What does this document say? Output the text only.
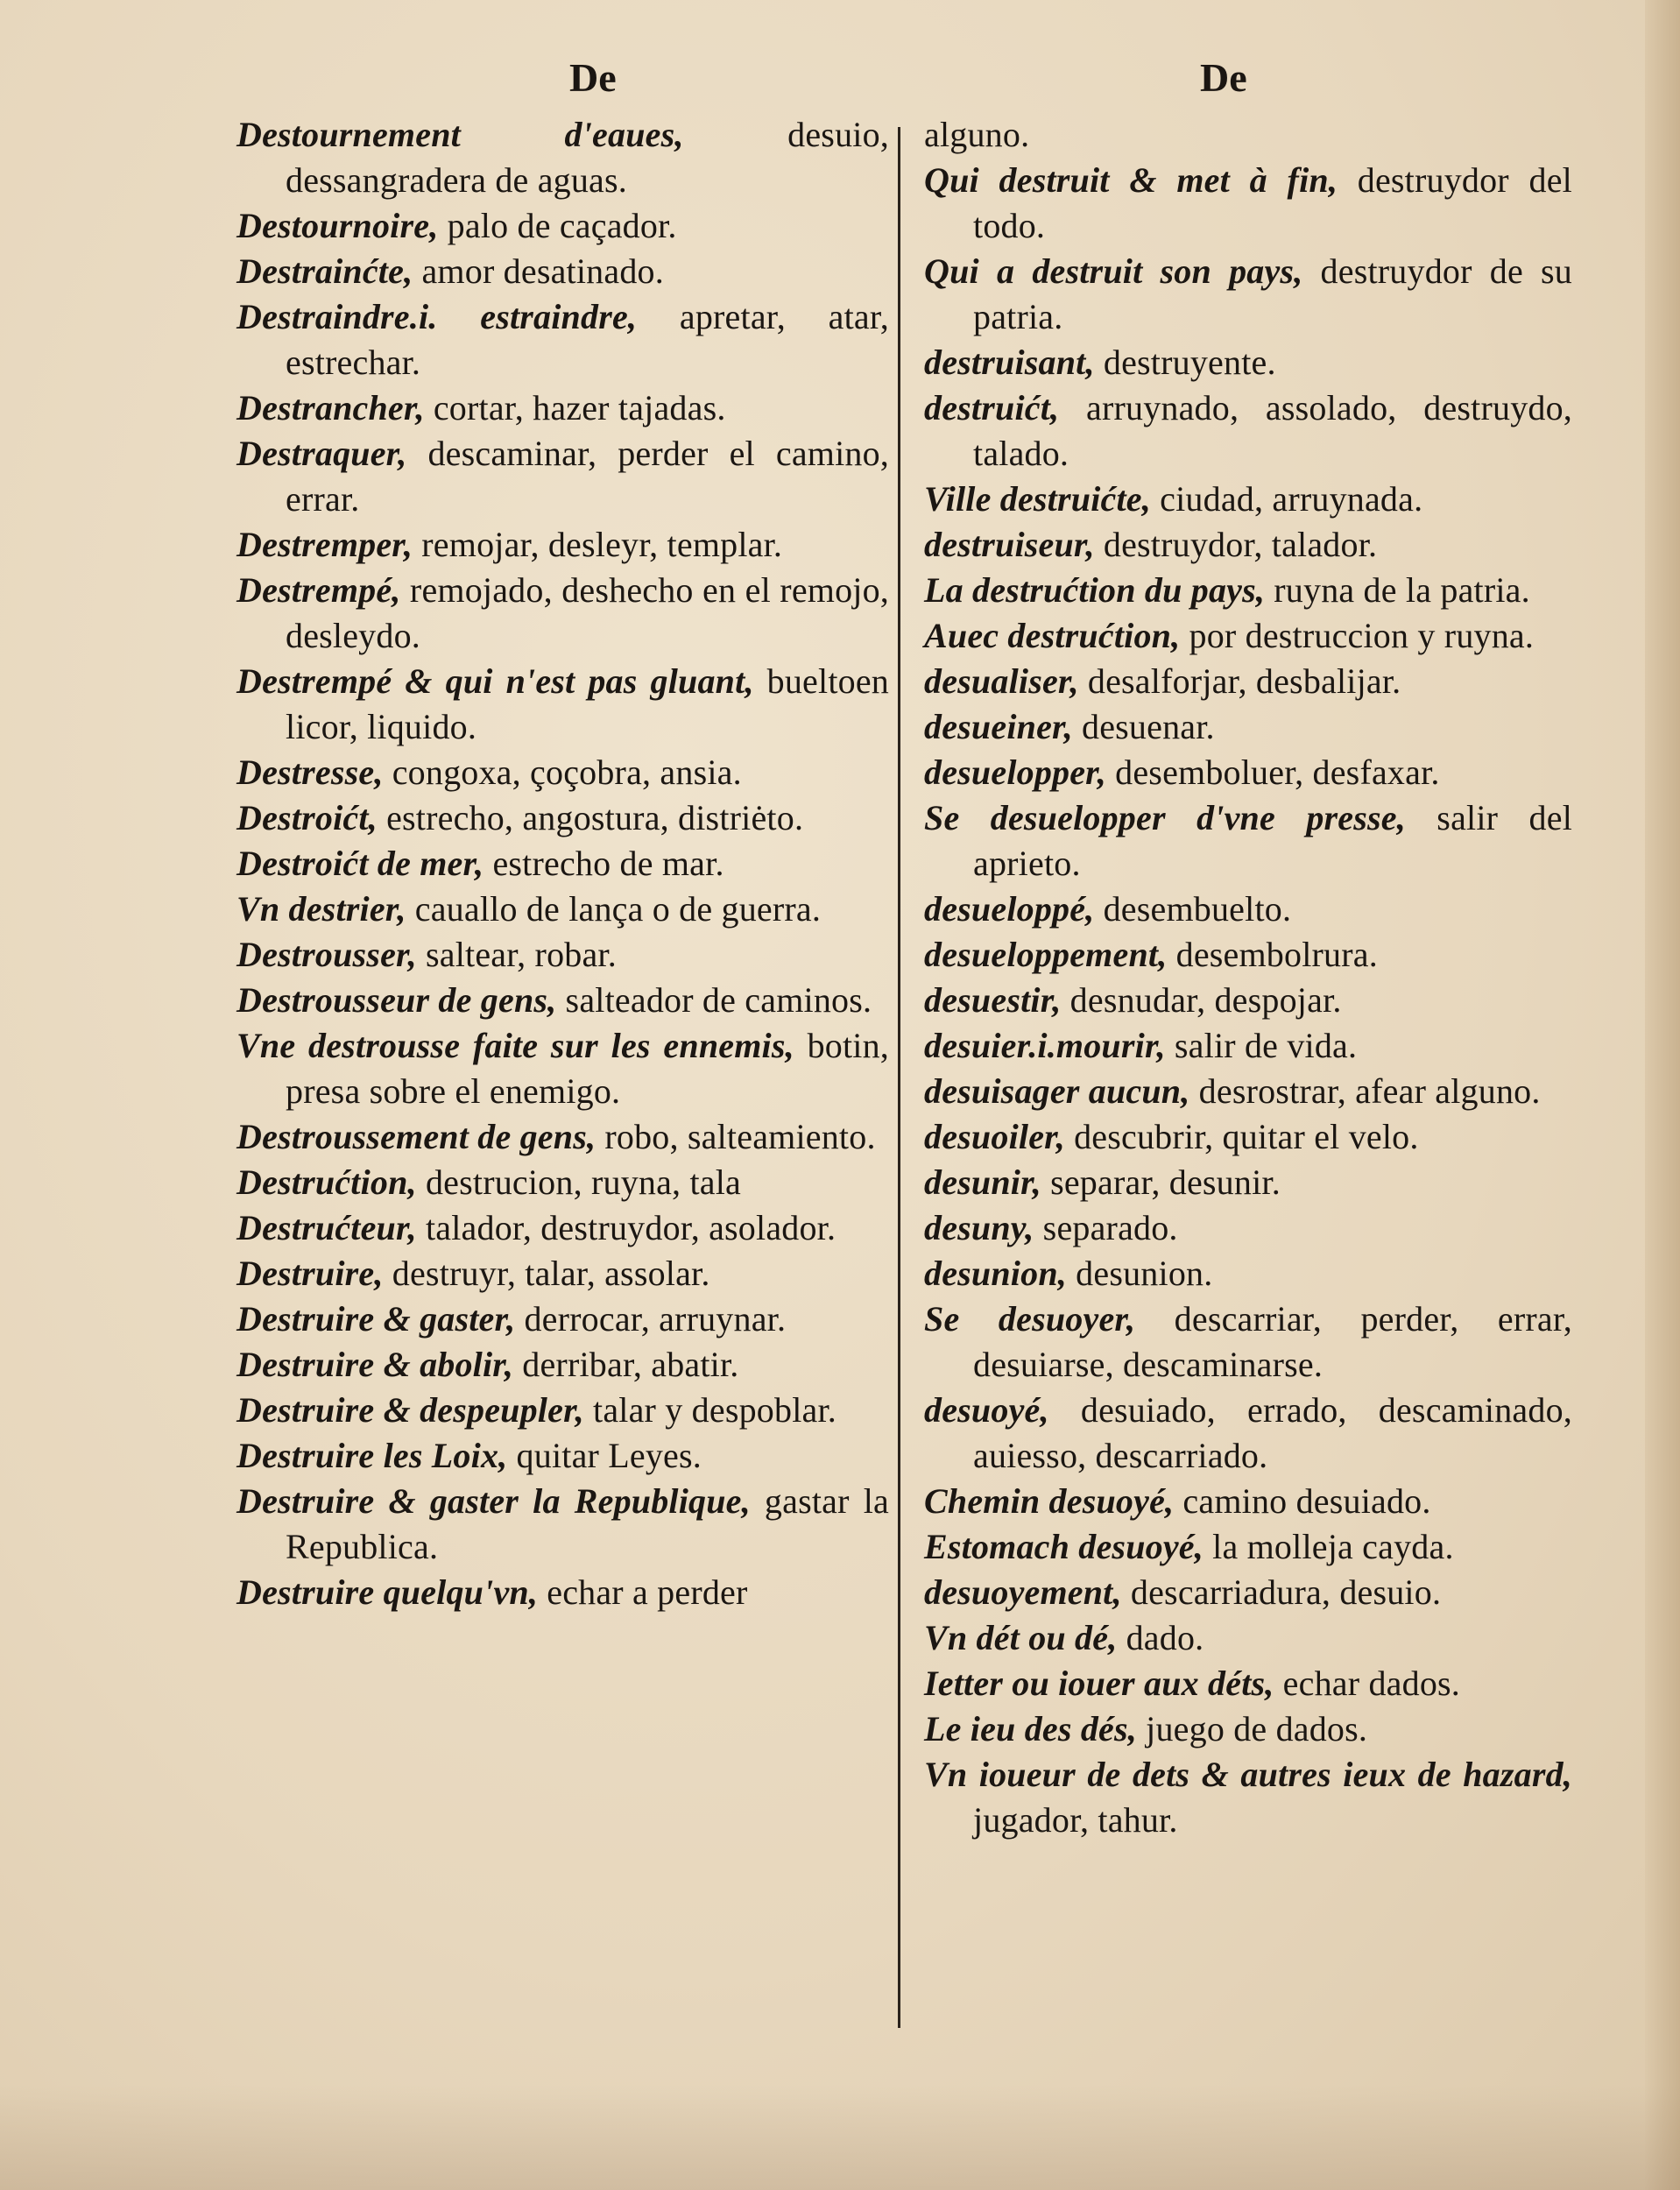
De	De
Destournement d'eaues, desuio, dessangradera de aguas.
Destournoire, palo de caçador.
Destrainćte, amor desatinado.
Destraindre.i. estraindre, apretar, atar, estrechar.
Destrancher, cortar, hazer tajadas.
Destraquer, descaminar, perder el camino, errar.
Destremper, remojar, desleyr, templar.
Destrempé, remojado, deshecho en el remojo, desleydo.
Destrempé & qui n'est pas gluant, bueltoen licor, liquido.
Destresse, congoxa, çoçobra, ansia.
Destroićt, estrecho, angostura, distriėto.
Destroićt de mer, estrecho de mar.
Vn destrier, cauallo de lança o de guerra.
Destrousser, saltear, robar.
Destrousseur de gens, salteador de caminos.
Vne destrousse faite sur les ennemis, botin, presa sobre el enemigo.
Destroussement de gens, robo, salteamiento.
Destrućtion, destrucion, ruyna, tala
Destrućteur, talador, destruydor, asolador.
Destruire, destruyr, talar, assolar.
Destruire & gaster, derrocar, arruynar.
Destruire & abolir, derribar, abatir.
Destruire & despeupler, talar y despoblar.
Destruire les Loix, quitar Leyes.
Destruire & gaster la Republique, gastar la Republica.
Destruire quelqu'vn, echar a perder
alguno.
Qui destruit & met à fin, destruydor del todo.
Qui a destruit son pays, destruydor de su patria.
destruisant, destruyente.
destruićt, arruynado, assolado, destruydo, talado.
Ville destruićte, ciudad, arruynada.
destruiseur, destruydor, talador.
La destrućtion du pays, ruyna de la patria.
Auec destrućtion, por destruccion y ruyna.
desualiser, desalforjar, desbalijar.
desueiner, desuenar.
desuelopper, desemboluer, desfaxar.
Se desuelopper d'vne presse, salir del aprieto.
desueloppé, desembuelto.
desueloppement, desembolrura.
desuestir, desnudar, despojar.
desuier.i.mourir, salir de vida.
desuisager aucun, desrostrar, afear alguno.
desuoiler, descubrir, quitar el velo.
desunir, separar, desunir.
desuny, separado.
desunion, desunion.
Se desuoyer, descarriar, perder, errar, desuiarse, descaminarse.
desuoyé, desuiado, errado, descaminado, auiesso, descarriado.
Chemin desuoyé, camino desuiado.
Estomach desuoyé, la molleja cayda.
desuoyement, descarriadura, desuio.
Vn dét ou dé, dado.
Ietter ou iouer aux déts, echar dados.
Le ieu des dés, juego de dados.
Vn ioueur de dets & autres ieux de hazard, jugador, tahur.
